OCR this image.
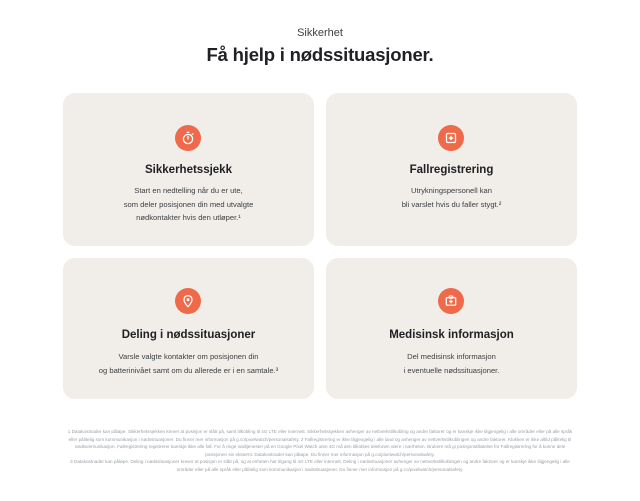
Sikkerhet
Få hjelp i nødssituasjoner.
Sikkerhetssjekk
Start en nedtelling når du er ute,
som deler posisjonen din med utvalgte
nødkontakter hvis den utløper.¹
Fallregistrering
Utrykningspersonell kan
bli varslet hvis du faller stygt.²
Deling i nødssituasjoner
Varsle valgte kontakter om posisjonen din
og batterinivået samt om du allerede er i en samtale.³
Medisinsk informasjon
Del medisinsk informasjon
i eventuelle nødssituasjoner.

1 Datakostnader kan påløpe. Sikkerhetssjekken krever at posisjon er slått på, samt tilkobling til 4G LTE eller internett. Sikkerhetssjekken avhenger av nettverkstilkobling og andre faktorer og er kanskje ikke tilgjengelig i alle områder eller på alle språk eller pålitelig som kommunikasjon i nødssituasjoner. Du finner mer informasjon på g.co/pixelwatch/personalsafety. 2 Fallregistrering er ikke tilgjengelig i alle land og avhenger av nettverkstilkoblingen og andre faktorer. Klokken er ikke alltid pålitelig til nødkommunikasjon. Fallregistrering registrerer kanskje ikke alle fall. For å ringe nødtjenester på en Google Pixel Watch uten 4G må den tilkobles telefonen være i nærheten. Brukere må gi posisjonstillatelse for Fallregistrering for å kunne dele posisjonen sin eksternt. Datakostnader kan påløpe. Du finner mer informasjon på g.co/pixelwatch/personalsafety.

3 Datakostnader kan påløpe. Deling i nødssituasjoner krever at posisjon er slått på, og at enheten har tilgang til 4G LTE eller internett. Deling i nødssituasjoner avhenger av nettverkstilkoblingen og andre faktorer og er kanskje ikke tilgjengelig i alle områder eller på alle språk eller pålitelig som kommunikasjon i nødssituasjoner. Du finner mer informasjon på g.co/pixelwatch/personalsafety.
